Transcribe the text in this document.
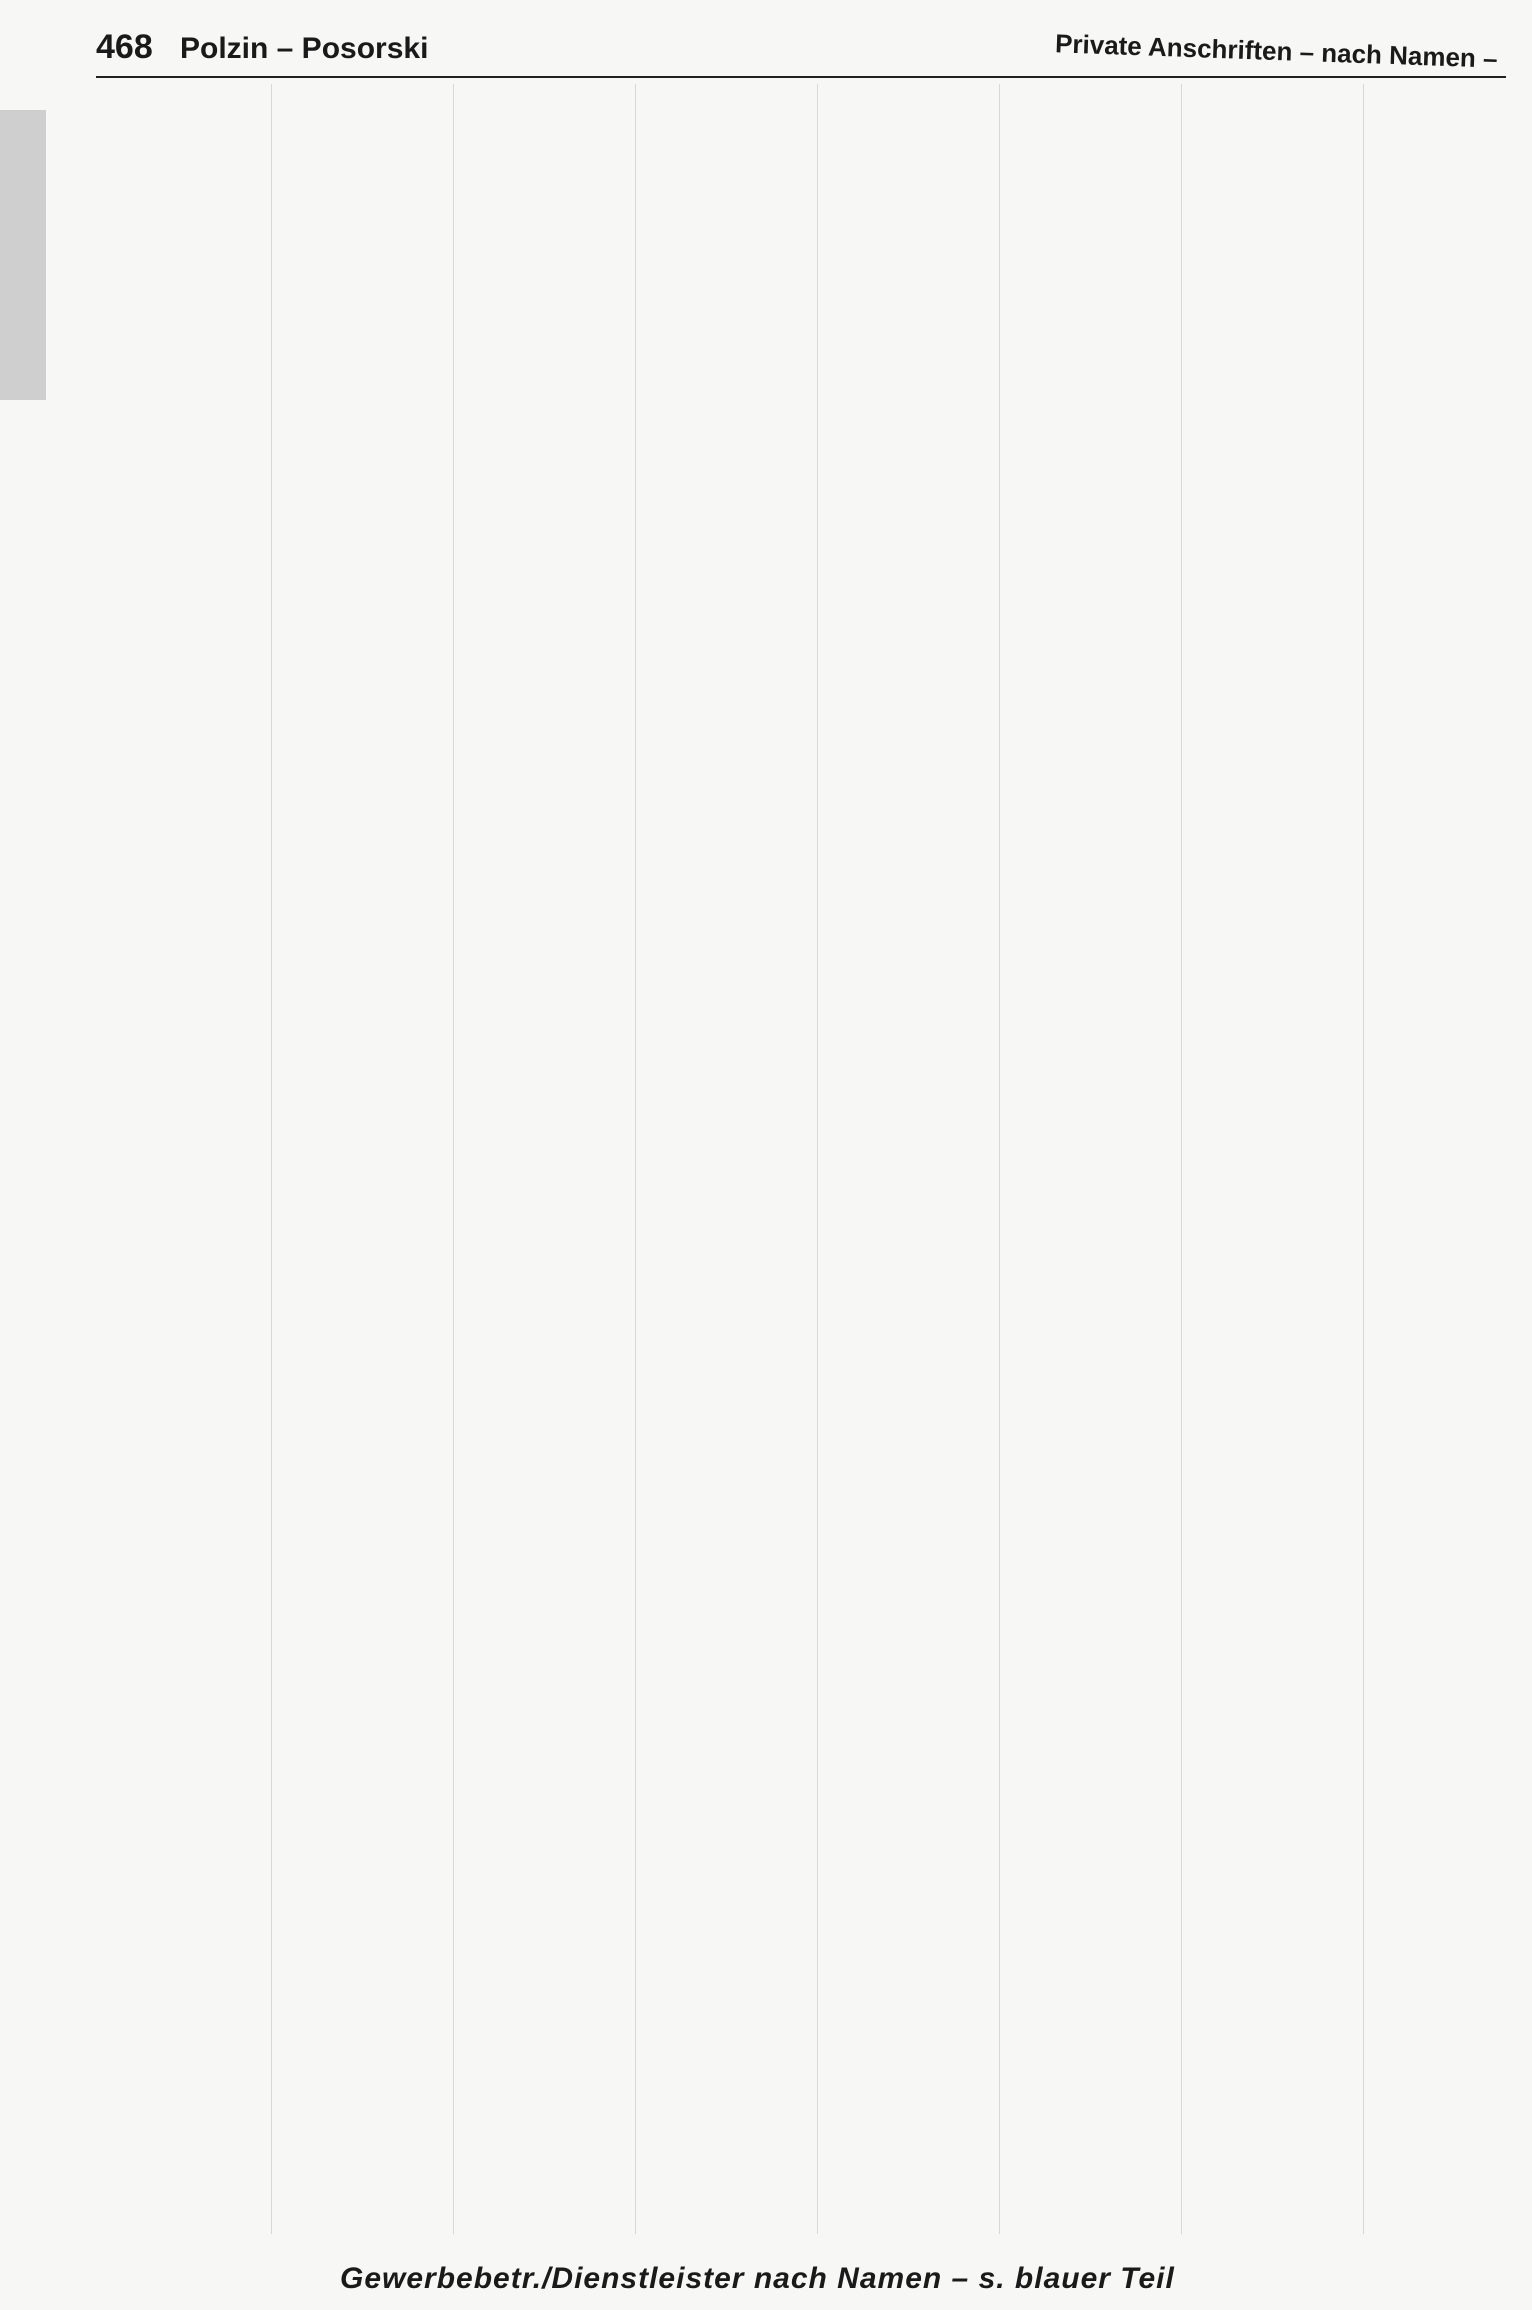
468 Polzin – Posorski	Private Anschriften – nach Namen –
Gewerbebetr./Dienstleister nach Namen – s. blauer Teil
